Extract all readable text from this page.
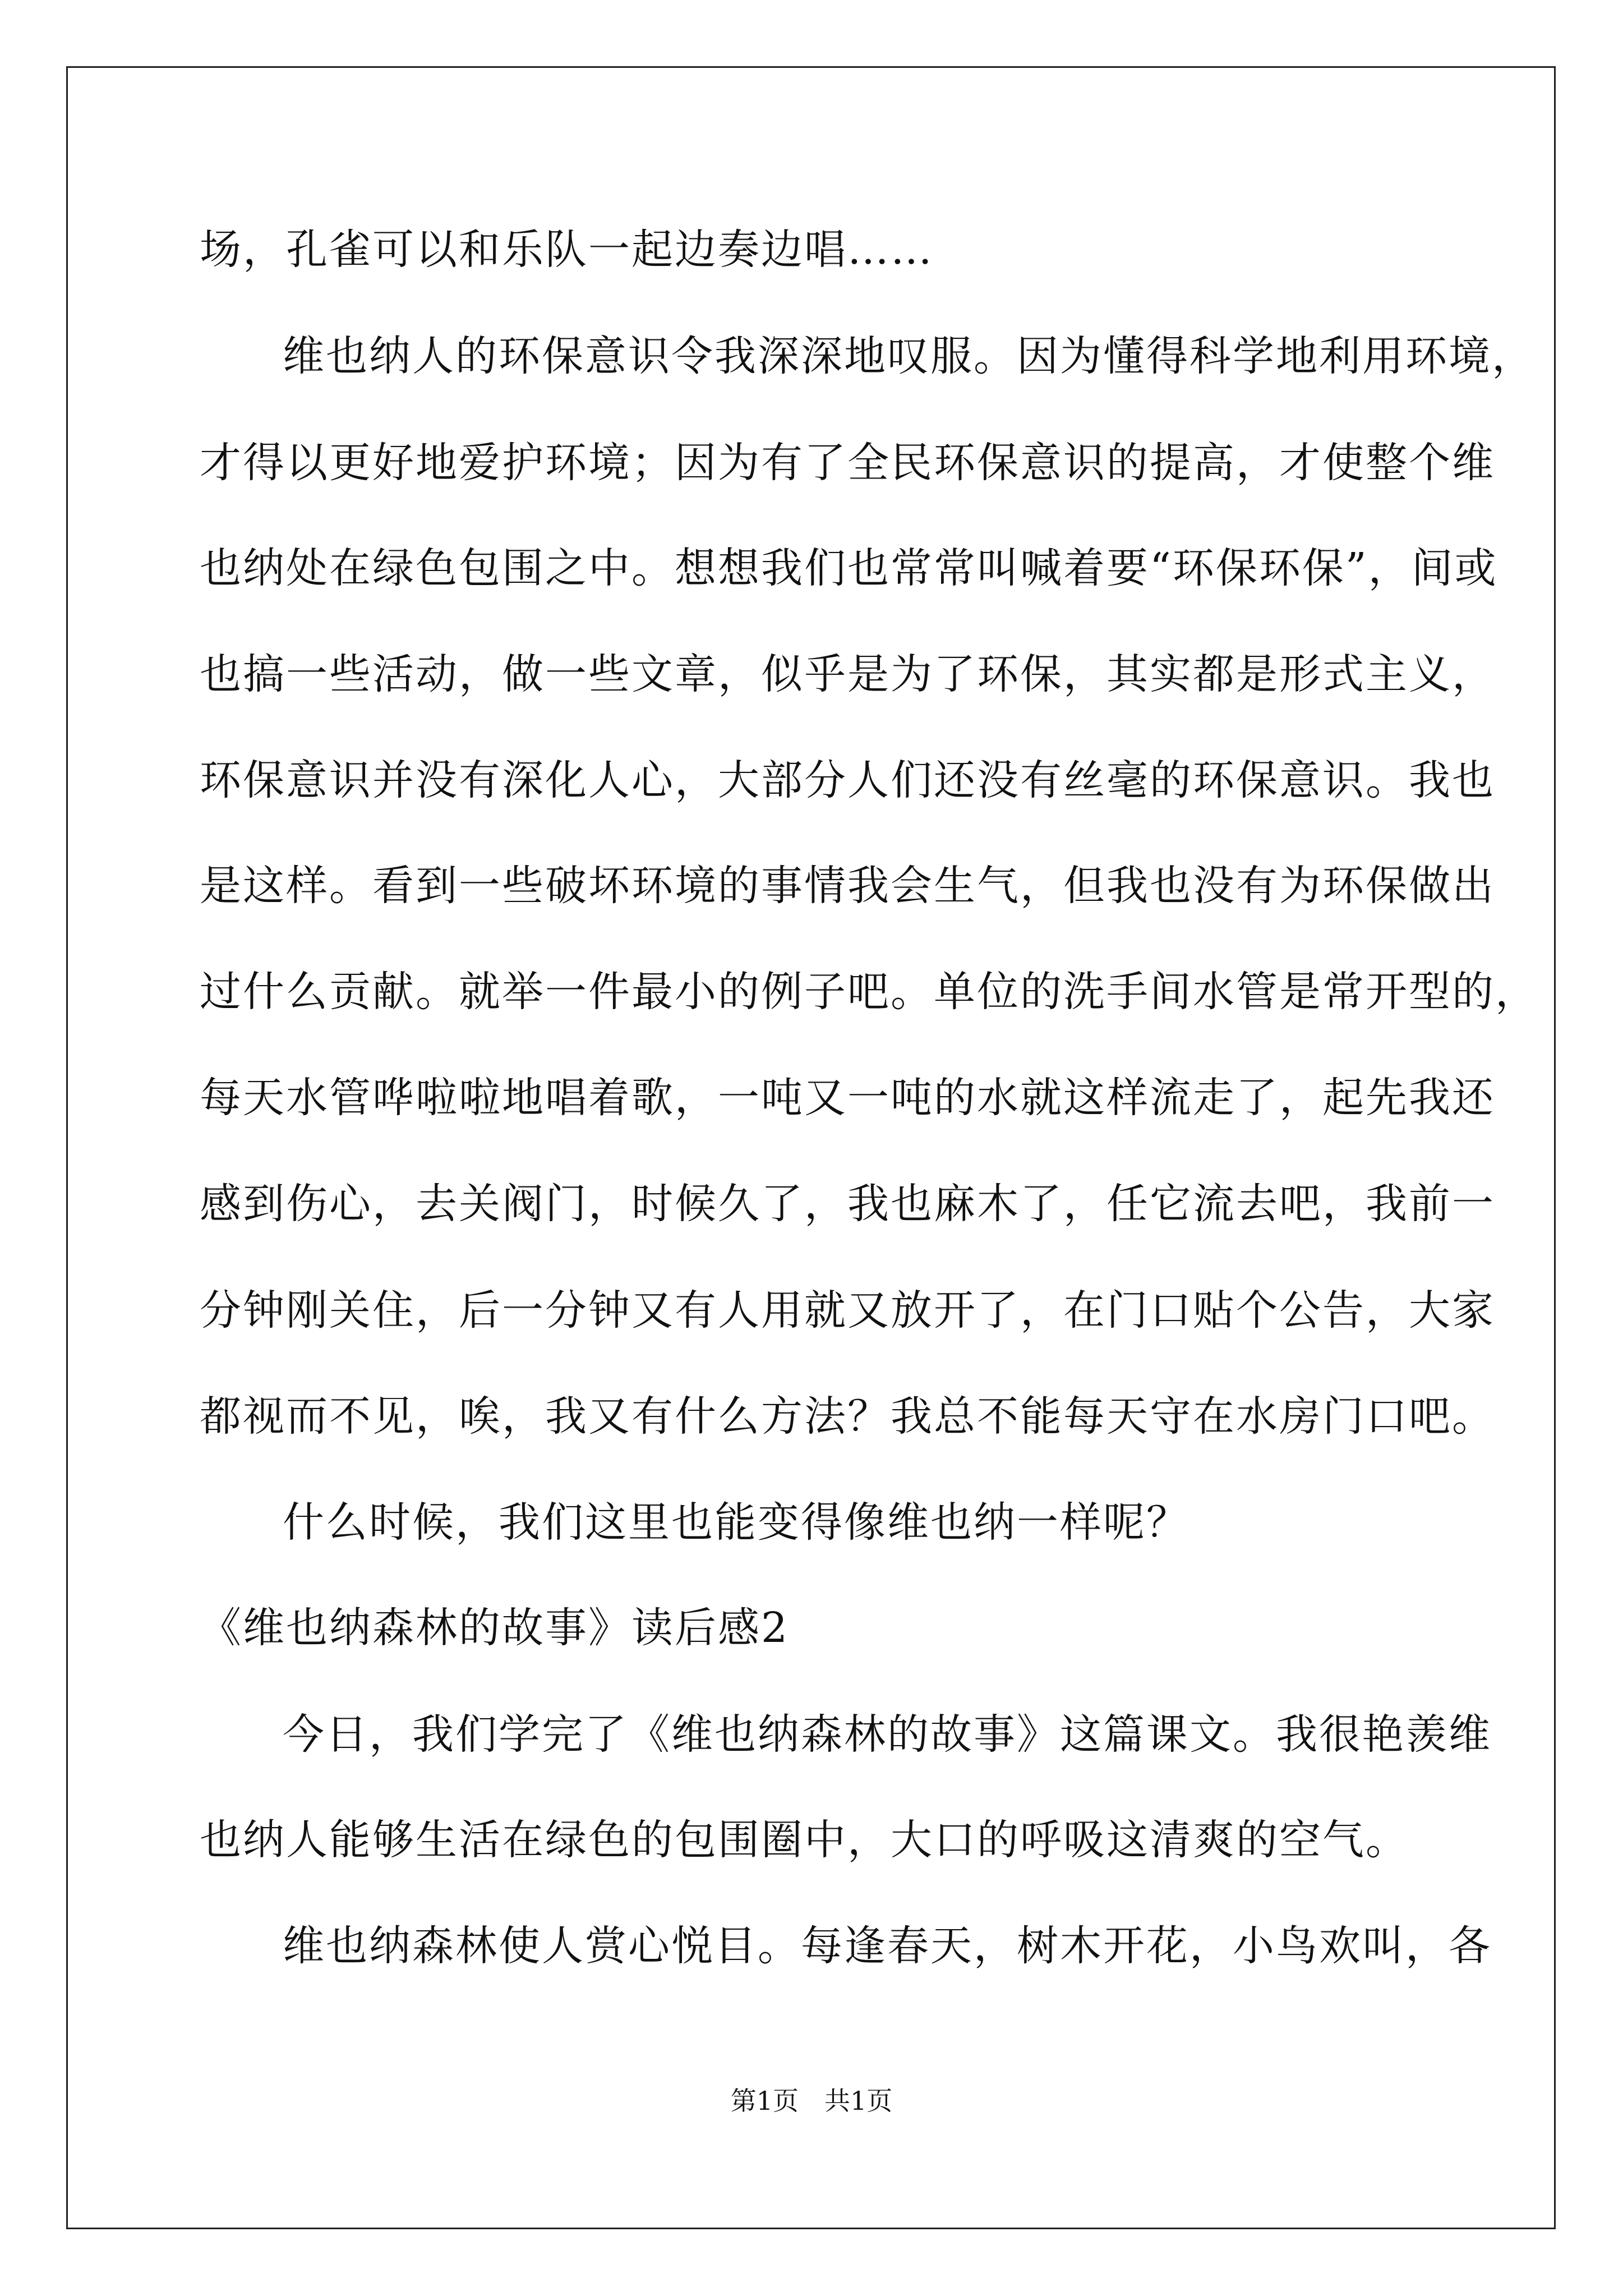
场，孔雀可以和乐队一起边奏边唱……
维也纳人的环保意识令我深深地叹服。因为懂得科学地利用环境，
才得以更好地爱护环境；因为有了全民环保意识的提高，才使整个维
也纳处在绿色包围之中。想想我们也常常叫喊着要“环保环保”，间或
也搞一些活动，做一些文章，似乎是为了环保，其实都是形式主义，
环保意识并没有深化人心，大部分人们还没有丝毫的环保意识。我也
是这样。看到一些破坏环境的事情我会生气，但我也没有为环保做出
过什么贡献。就举一件最小的例子吧。单位的洗手间水管是常开型的，
每天水管哗啦啦地唱着歌，一吨又一吨的水就这样流走了，起先我还
感到伤心，去关阀门，时候久了，我也麻木了，任它流去吧，我前一
分钟刚关住，后一分钟又有人用就又放开了，在门口贴个公告，大家
都视而不见，唉，我又有什么方法？我总不能每天守在水房门口吧。
什么时候，我们这里也能变得像维也纳一样呢？
《维也纳森林的故事》读后感2
今日，我们学完了《维也纳森林的故事》这篇课文。我很艳羡维
也纳人能够生活在绿色的包围圈中，大口的呼吸这清爽的空气。
维也纳森林使人赏心悦目。每逢春天，树木开花，小鸟欢叫，各
第1页　共1页
